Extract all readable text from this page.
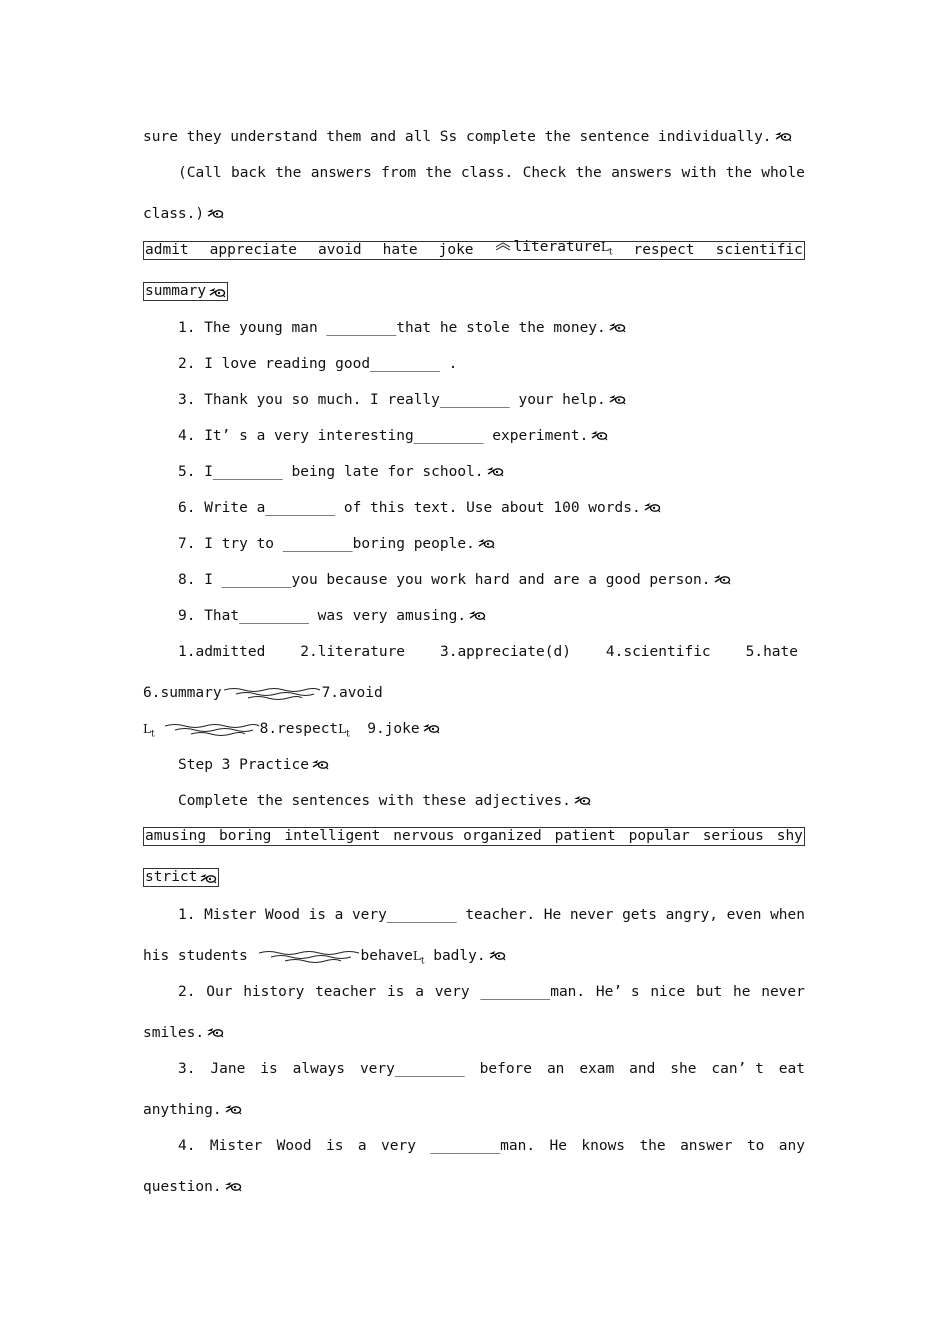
sure they understand them and all Ss complete the sentence individually.
(Call back the answers from the class. Check the answers with the whole
class.)
admit appreciate avoid hate joke	literatureL$_t$ respect scientific
summary
1. The young man ________that he stole the money.
2. I love reading good________ .
3. Thank you so much. I really________ your help.
4. It’ s a very interesting________ experiment.
5. I________ being late for school.
6. Write a________ of this text. Use about 100 words.
7. I try to ________boring people.
8. I ________you because you work hard and are a good person.
9. That________ was very amusing.
1.admitted 2.literature 3.appreciate(d) 4.scientific 5.hate
6.summary	7.avoid
$L_t$	8.respectL$_t$ 9.joke
Step 3 Practice
Complete the sentences with these adjectives.
amusing boring intelligent nervous organized patient popular serious shy
strict
1. Mister Wood is a very________ teacher. He never gets angry, even when
his students	behaveL$_t$ badly.
2. Our history teacher is a very ________man. He’ s nice but he never
smiles.
3. Jane is always very________ before an exam and she can’ t eat
anything.
4. Mister Wood is a very ________man. He knows the answer to any
question.
